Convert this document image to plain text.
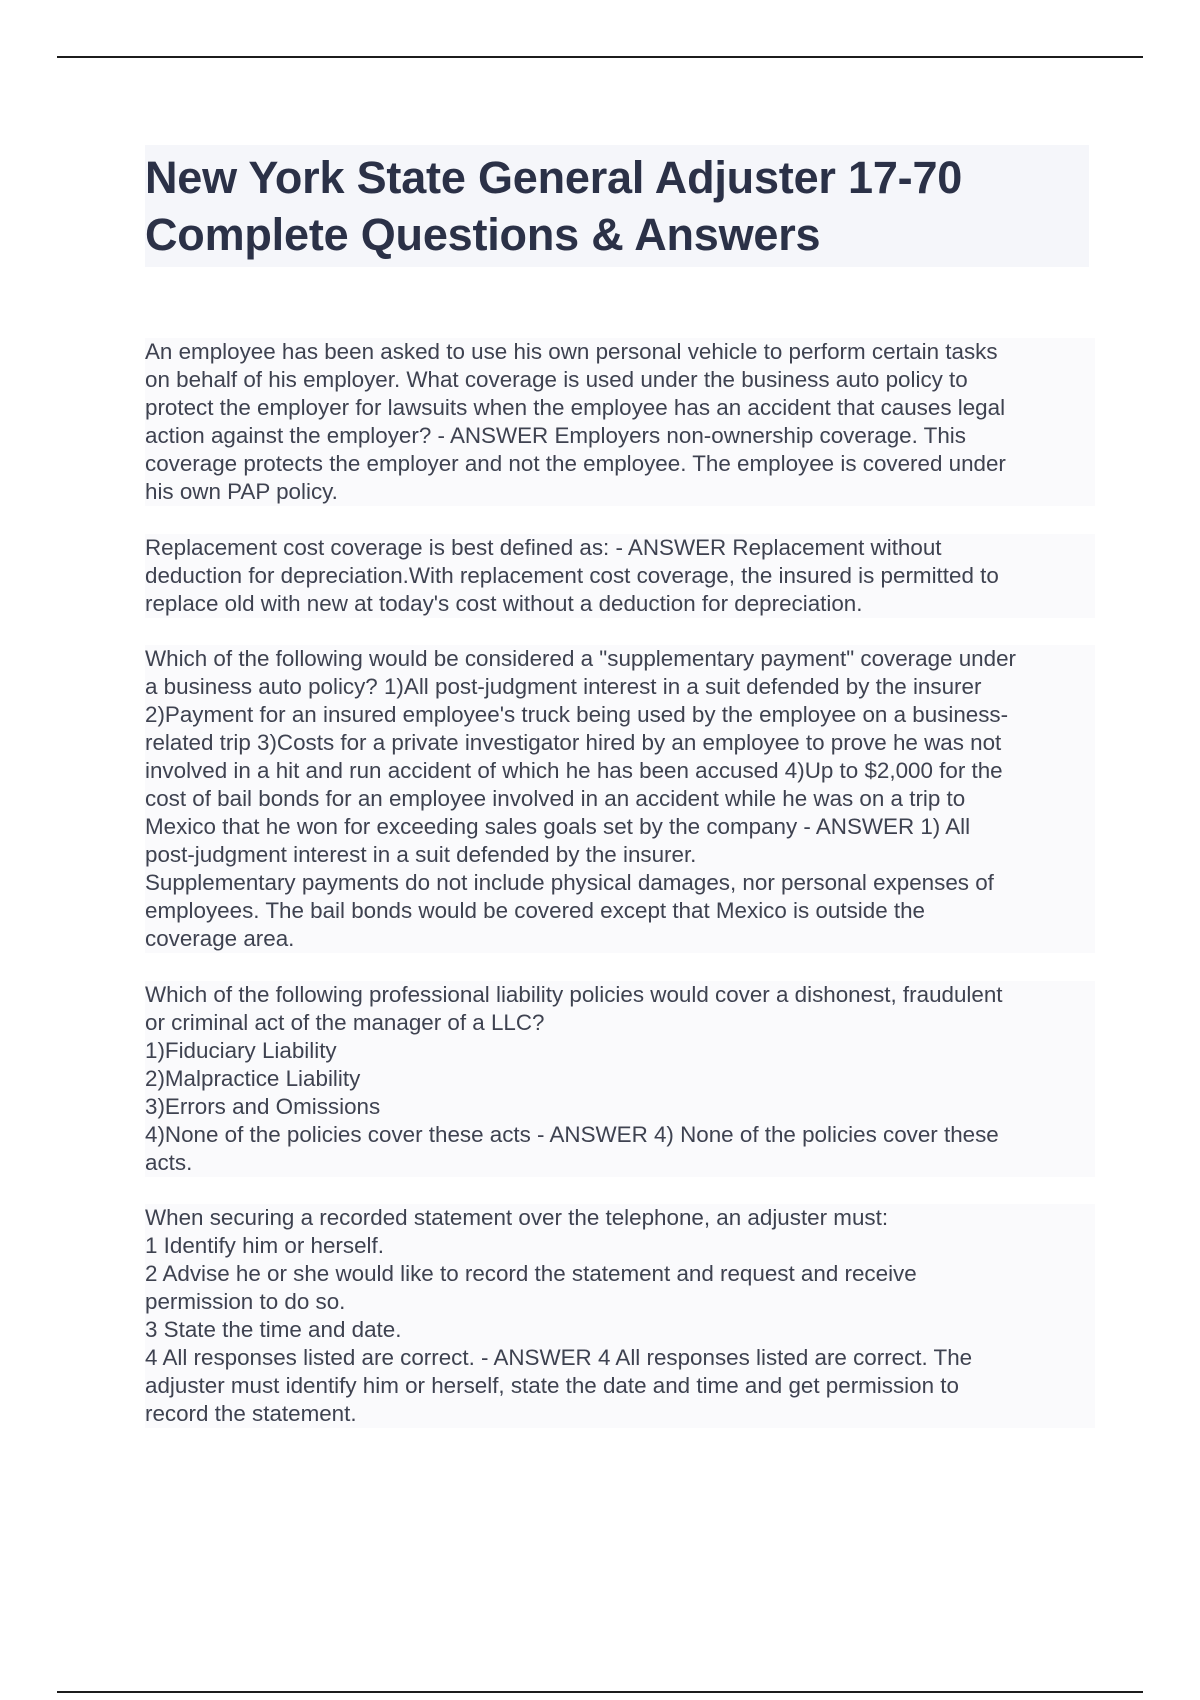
New York State General Adjuster 17-70
Complete Questions & Answers
An employee has been asked to use his own personal vehicle to perform certain tasks
on behalf of his employer. What coverage is used under the business auto policy to
protect the employer for lawsuits when the employee has an accident that causes legal
action against the employer? - ANSWER Employers non-ownership coverage. This
coverage protects the employer and not the employee. The employee is covered under
his own PAP policy.
Replacement cost coverage is best defined as: - ANSWER Replacement without
deduction for depreciation.With replacement cost coverage, the insured is permitted to
replace old with new at today's cost without a deduction for depreciation.
Which of the following would be considered a "supplementary payment" coverage under
a business auto policy? 1)All post-judgment interest in a suit defended by the insurer
2)Payment for an insured employee's truck being used by the employee on a business-
related trip 3)Costs for a private investigator hired by an employee to prove he was not
involved in a hit and run accident of which he has been accused 4)Up to $2,000 for the
cost of bail bonds for an employee involved in an accident while he was on a trip to
Mexico that he won for exceeding sales goals set by the company - ANSWER 1) All
post-judgment interest in a suit defended by the insurer.
Supplementary payments do not include physical damages, nor personal expenses of
employees. The bail bonds would be covered except that Mexico is outside the
coverage area.
Which of the following professional liability policies would cover a dishonest, fraudulent
or criminal act of the manager of a LLC?
1)Fiduciary Liability
2)Malpractice Liability
3)Errors and Omissions
4)None of the policies cover these acts - ANSWER 4) None of the policies cover these
acts.
When securing a recorded statement over the telephone, an adjuster must:
1 Identify him or herself.
2 Advise he or she would like to record the statement and request and receive
permission to do so.
3 State the time and date.
4 All responses listed are correct. - ANSWER 4 All responses listed are correct. The
adjuster must identify him or herself, state the date and time and get permission to
record the statement.
